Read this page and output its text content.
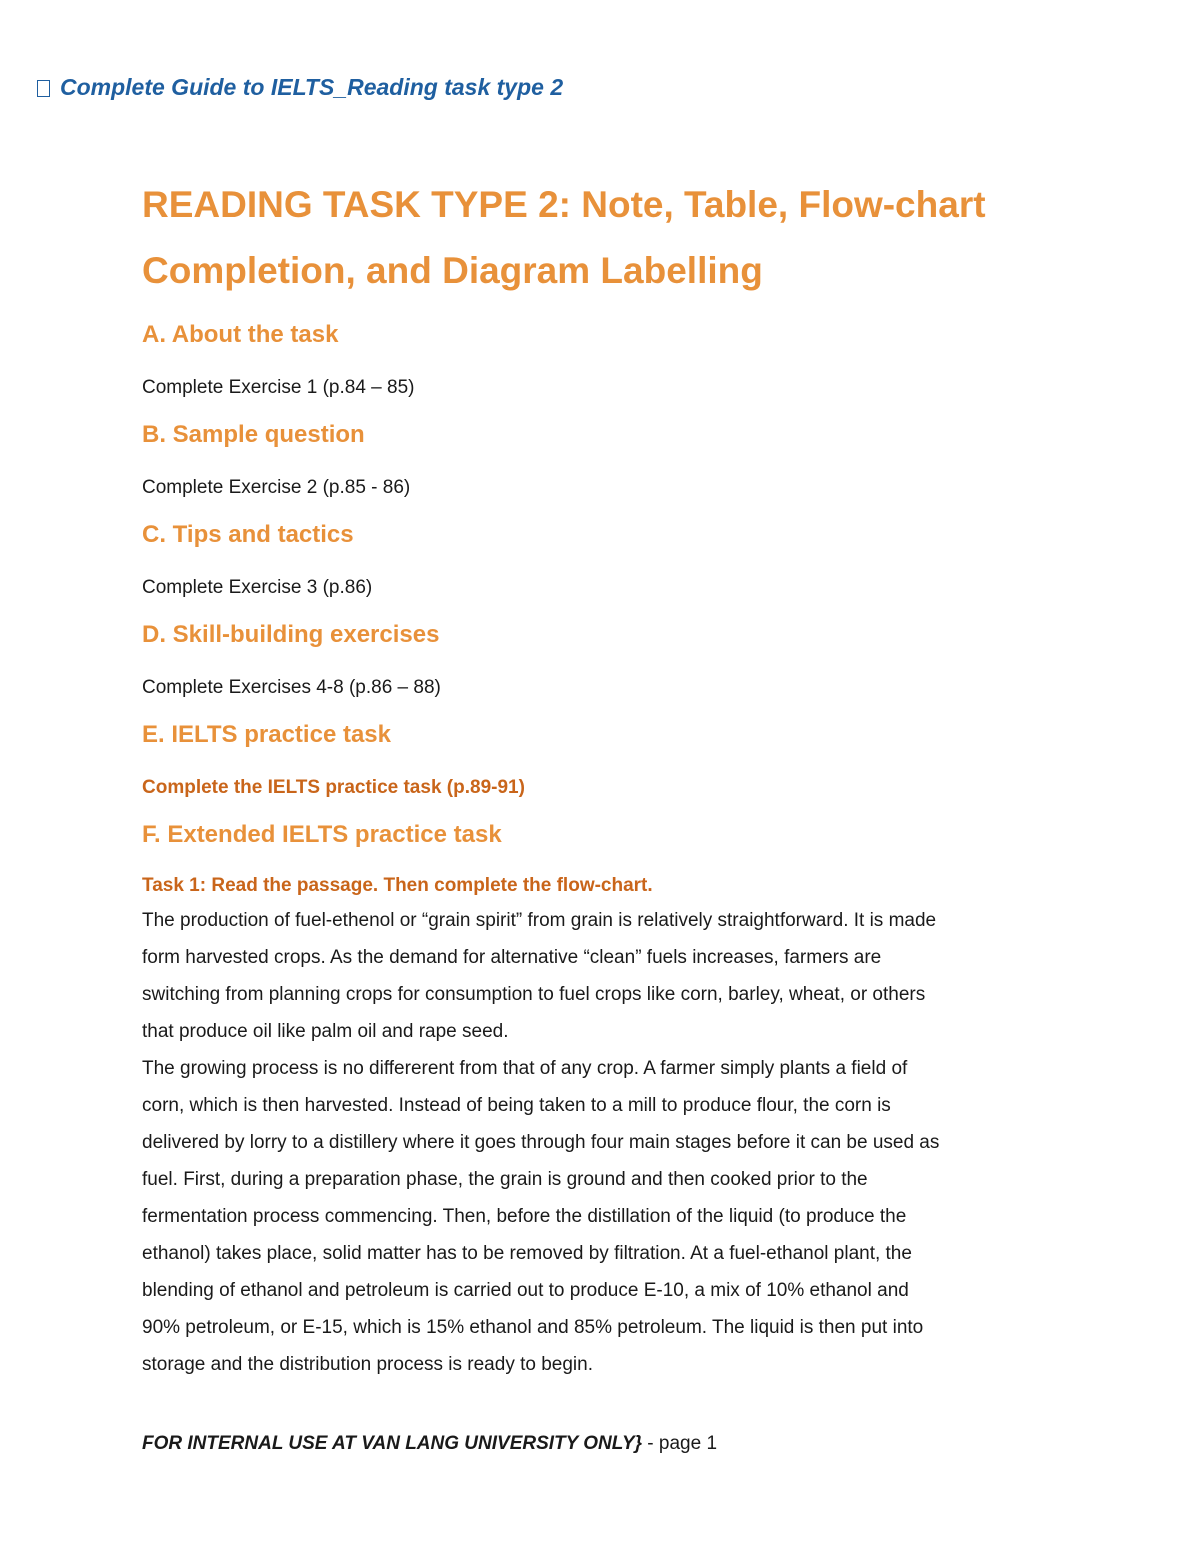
Complete Guide to IELTS_Reading task type 2

READING TASK TYPE 2: Note, Table, Flow-chart

Completion, and Diagram Labelling

A. About the task

Complete Exercise 1 (p.84 – 85)

B. Sample question

Complete Exercise 2 (p.85 - 86)

C. Tips and tactics

Complete Exercise 3 (p.86)

D. Skill-building exercises

Complete Exercises 4-8 (p.86 – 88)

E. IELTS practice task

Complete the IELTS practice task (p.89-91)

F. Extended IELTS practice task

Task 1: Read the passage. Then complete the flow-chart.

The production of fuel-ethenol or “grain spirit” from grain is relatively straightforward. It is made

form harvested crops. As the demand for alternative “clean” fuels increases, farmers are

switching from planning crops for consumption to fuel crops like corn, barley, wheat, or others

that produce oil like palm oil and rape seed.

The growing process is no differerent from that of any crop. A farmer simply plants a field of

corn, which is then harvested. Instead of being taken to a mill to produce flour, the corn is

delivered by lorry to a distillery where it goes through four main stages before it can be used as

fuel. First, during a preparation phase, the grain is ground and then cooked prior to the

fermentation process commencing. Then, before the distillation of the liquid (to produce the

ethanol) takes place, solid matter has to be removed by filtration. At a fuel-ethanol plant, the

blending of ethanol and petroleum is carried out to produce E-10, a mix of 10% ethanol and

90% petroleum, or E-15, which is 15% ethanol and 85% petroleum. The liquid is then put into

storage and the distribution process is ready to begin.

FOR INTERNAL USE AT VAN LANG UNIVERSITY ONLY} - page 1
